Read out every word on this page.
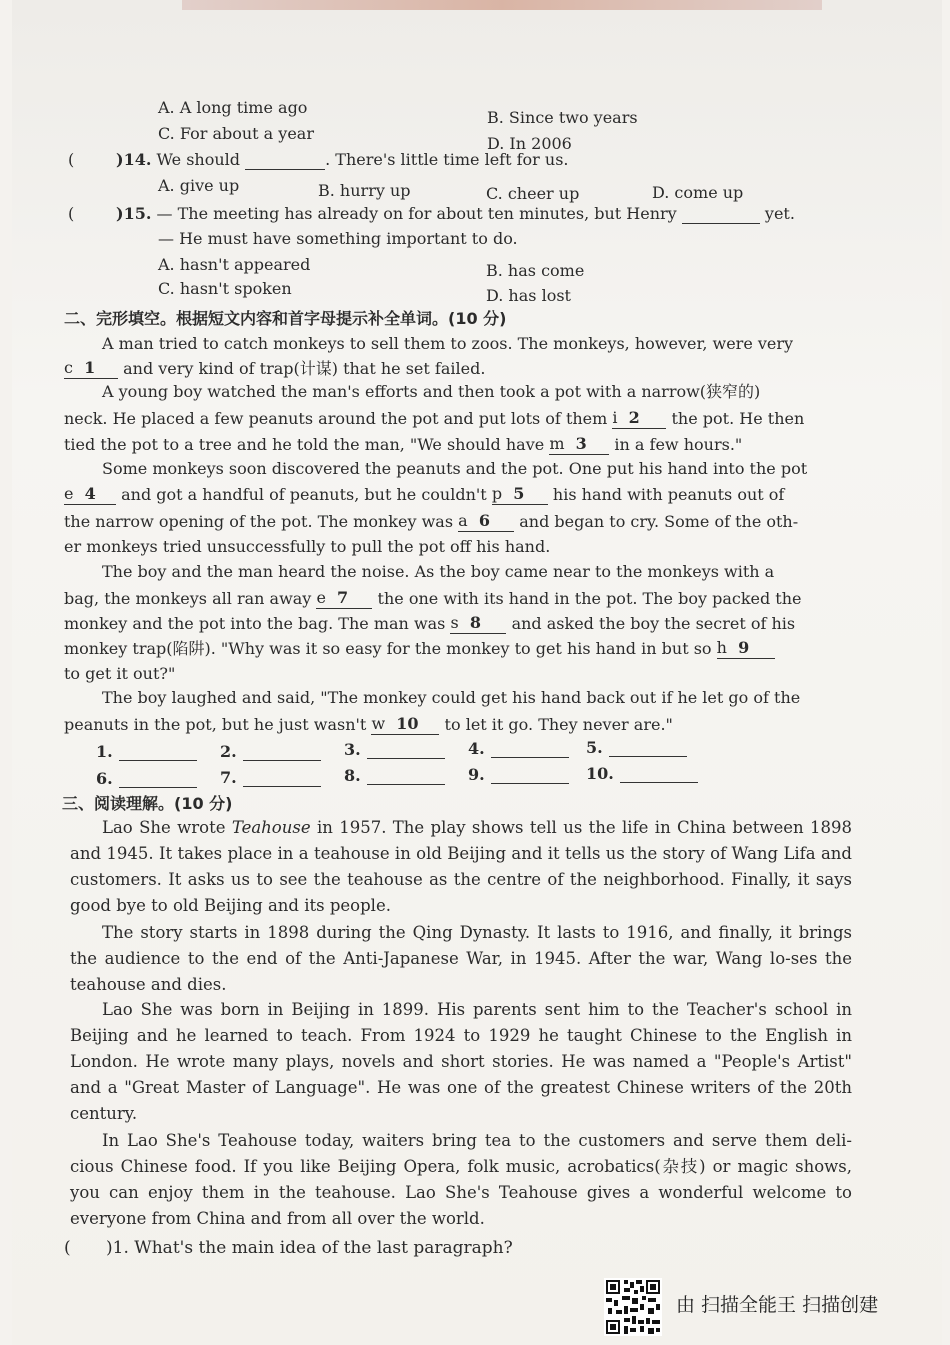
A. A long time ago
B. Since two years
C. For about a year
D. In 2006
(	)14. We should	. There's little time left for us.
A. give up	B. hurry up	C. cheer up	D. come up
(	)15. — The meeting has already on for about ten minutes, but Henry	yet.
— He must have something important to do.
A. hasn't appeared	B. has come
C. hasn't spoken	D. has lost
二、完形填空。根据短文内容和首字母提示补全单词。(10 分)
A man tried to catch monkeys to sell them to zoos. The monkeys, however, were very
c 1 and very kind of trap(计谋) that he set failed.
A young boy watched the man's efforts and then took a pot with a narrow(狭窄的)
neck. He placed a few peanuts around the pot and put lots of them i 2 the pot. He then
tied the pot to a tree and he told the man, "We should have m 3 in a few hours."
Some monkeys soon discovered the peanuts and the pot. One put his hand into the pot
e 4 and got a handful of peanuts, but he couldn't p 5 his hand with peanuts out of
the narrow opening of the pot. The monkey was a 6 and began to cry. Some of the oth-
er monkeys tried unsuccessfully to pull the pot off his hand.
The boy and the man heard the noise. As the boy came near to the monkeys with a
bag, the monkeys all ran away e 7 the one with its hand in the pot. The boy packed the
monkey and the pot into the bag. The man was s 8 and asked the boy the secret of his
monkey trap(陷阱). "Why was it so easy for the monkey to get his hand in but so h 9
to get it out?"
The boy laughed and said, "The monkey could get his hand back out if he let go of the
peanuts in the pot, but he just wasn't w 10 to let it go. They never are."
1.	2.	3.	4.	5.
6.	7.	8.	9.	10.
三、阅读理解。(10 分)
Lao She wrote Teahouse in 1957. The play shows tell us the life in China between 1898 and 1945. It takes place in a teahouse in old Beijing and it tells us the story of Wang Lifa and customers. It asks us to see the teahouse as the centre of the neighborhood. Finally, it says good bye to old Beijing and its people.
The story starts in 1898 during the Qing Dynasty. It lasts to 1916, and finally, it brings the audience to the end of the Anti-Japanese War, in 1945. After the war, Wang lo-ses the teahouse and dies.
Lao She was born in Beijing in 1899. His parents sent him to the Teacher's school in Beijing and he learned to teach. From 1924 to 1929 he taught Chinese to the English in London. He wrote many plays, novels and short stories. He was named a "People's Artist" and a "Great Master of Language". He was one of the greatest Chinese writers of the 20th century.
In Lao She's Teahouse today, waiters bring tea to the customers and serve them deli-cious Chinese food. If you like Beijing Opera, folk music, acrobatics(杂技) or magic shows, you can enjoy them in the teahouse. Lao She's Teahouse gives a wonderful welcome to everyone from China and from all over the world.
( )1. What's the main idea of the last paragraph?
由 扫描全能王 扫描创建
